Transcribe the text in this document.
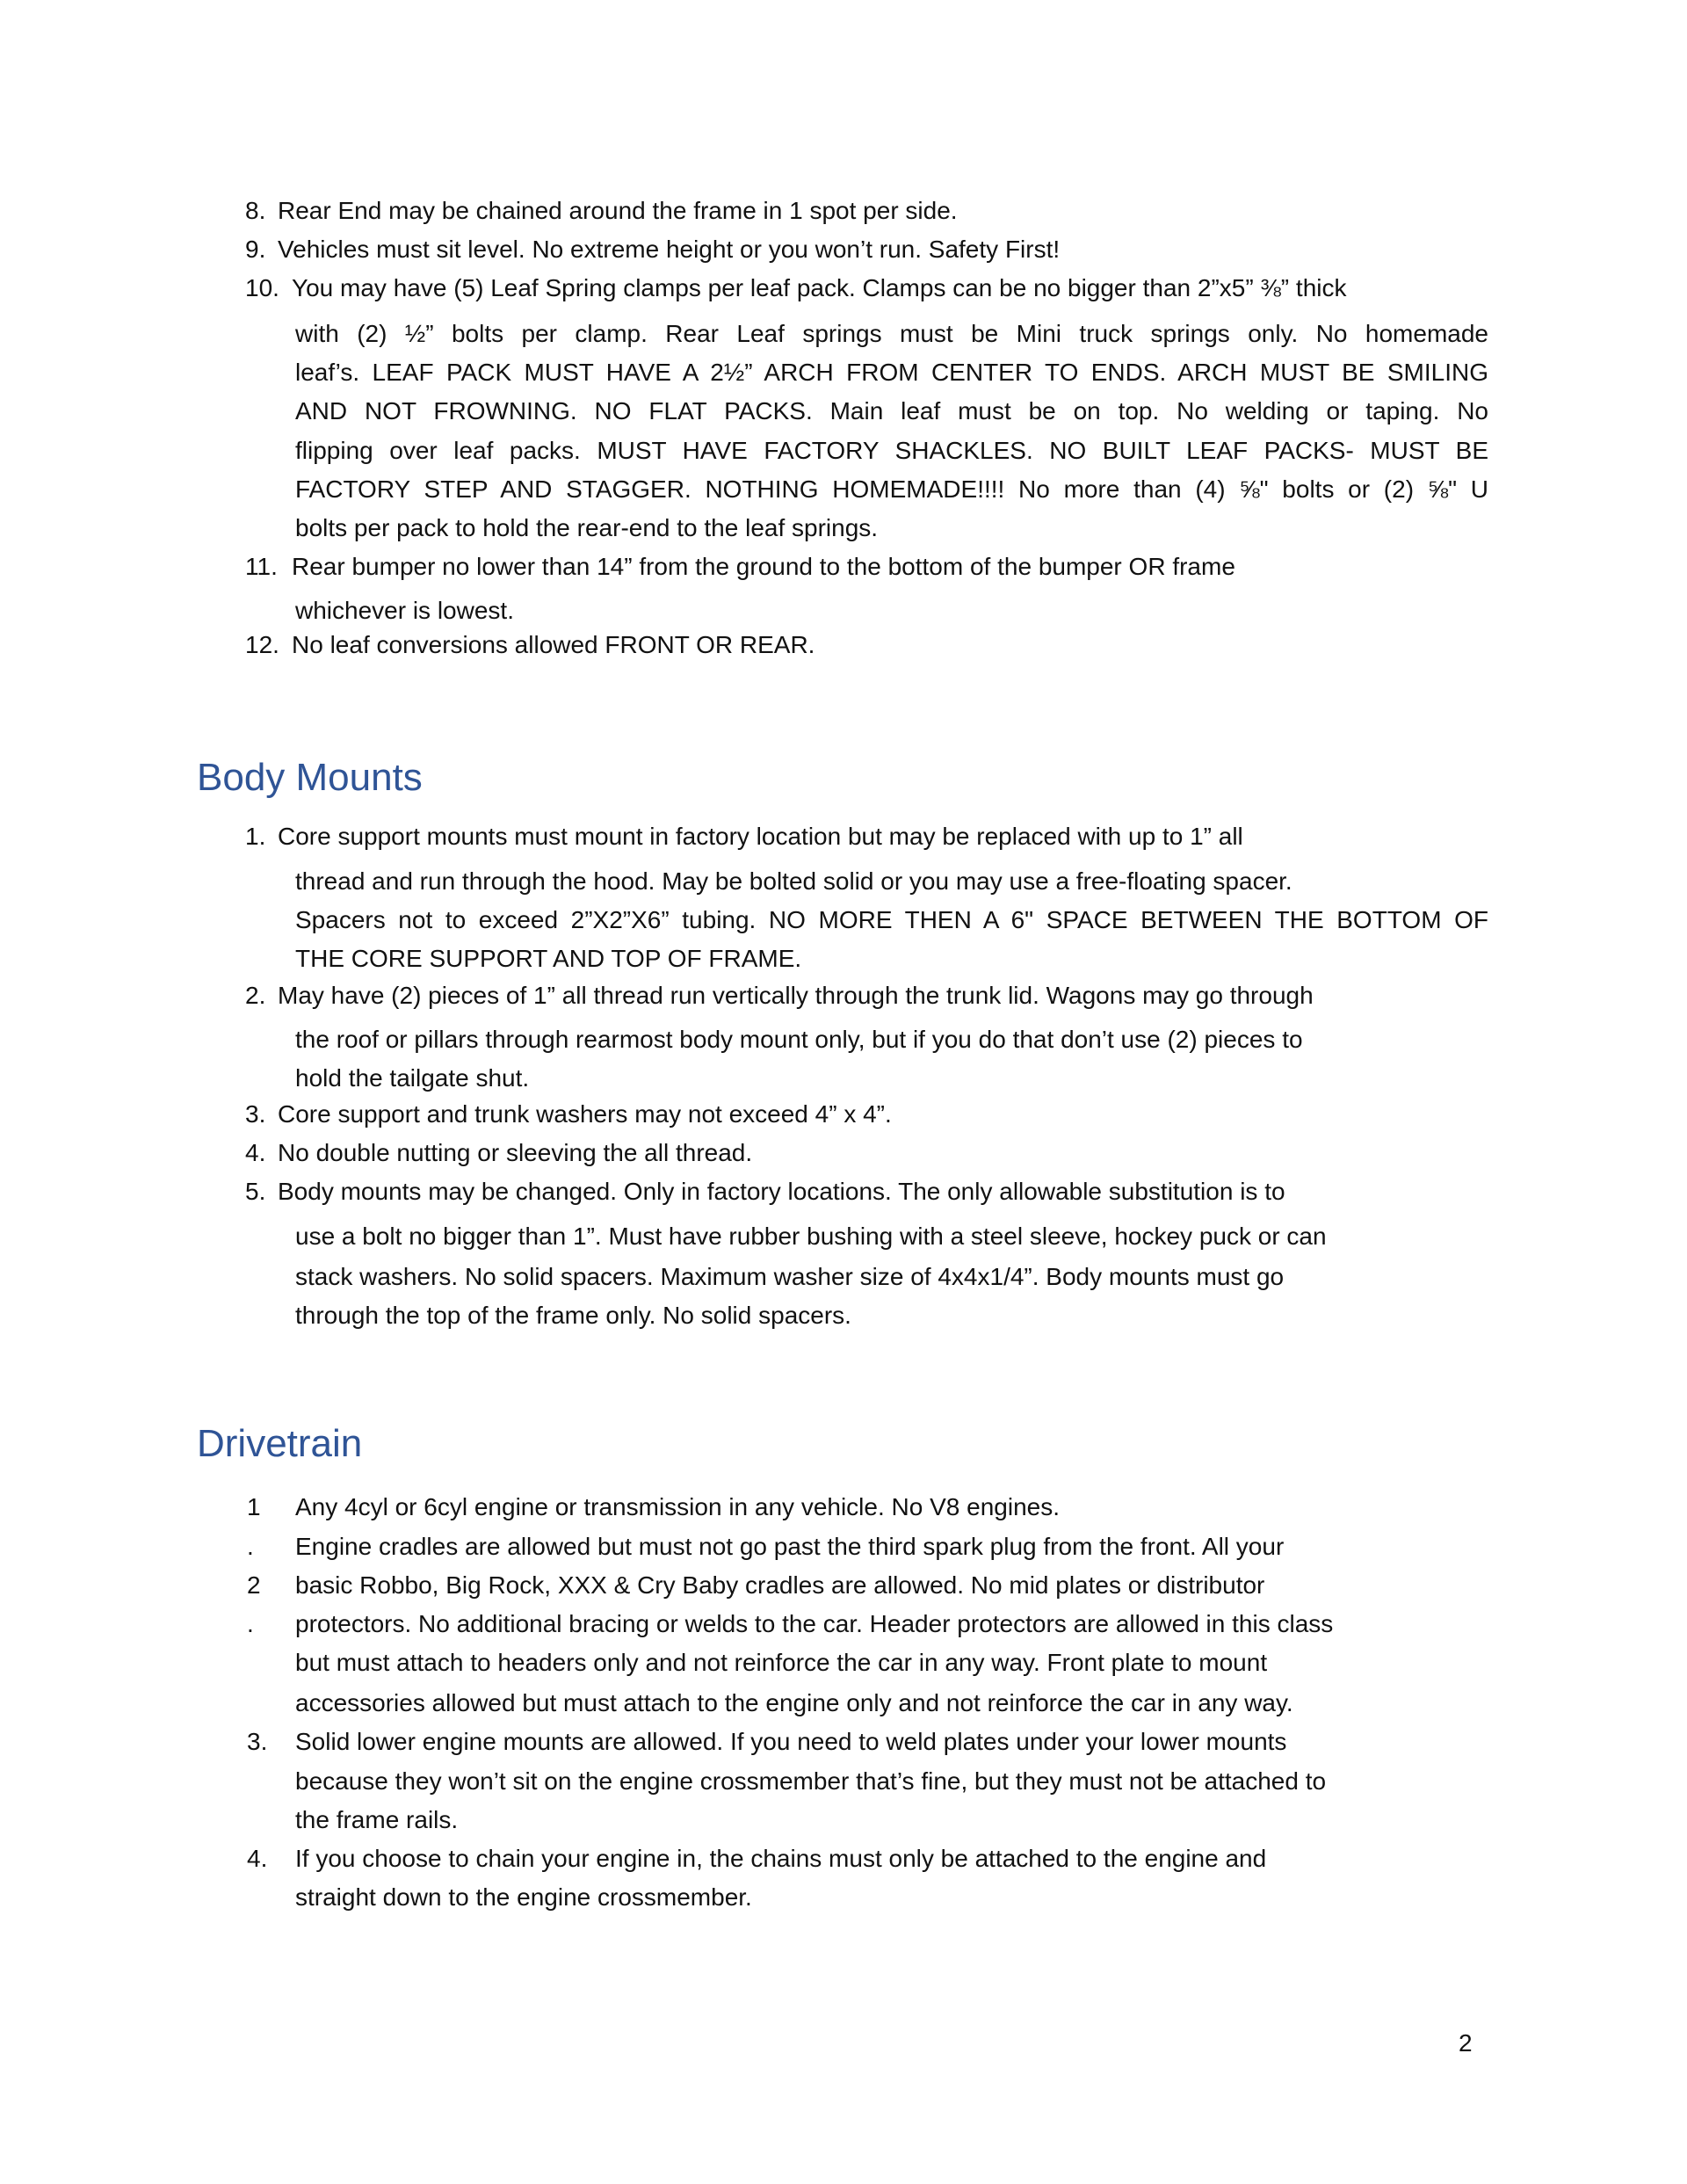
8. Rear End may be chained around the frame in 1 spot per side.
9. Vehicles must sit level. No extreme height or you won’t run. Safety First!
10. You may have (5) Leaf Spring clamps per leaf pack. Clamps can be no bigger than 2”x5” ⅜” thick
with (2) ½” bolts per clamp. Rear Leaf springs must be Mini truck springs only. No homemade
leaf’s. LEAF PACK MUST HAVE A 2½” ARCH FROM CENTER TO ENDS. ARCH MUST BE SMILING
AND NOT FROWNING. NO FLAT PACKS. Main leaf must be on top. No welding or taping. No
flipping over leaf packs. MUST HAVE FACTORY SHACKLES. NO BUILT LEAF PACKS- MUST BE
FACTORY STEP AND STAGGER. NOTHING HOMEMADE!!!! No more than (4) ⅝" bolts or (2) ⅝" U
bolts per pack to hold the rear-end to the leaf springs.
11. Rear bumper no lower than 14” from the ground to the bottom of the bumper OR frame
whichever is lowest.
12. No leaf conversions allowed FRONT OR REAR.
Body Mounts
1. Core support mounts must mount in factory location but may be replaced with up to 1” all
thread and run through the hood. May be bolted solid or you may use a free-floating spacer.
Spacers not to exceed 2”X2”X6” tubing. NO MORE THEN A 6" SPACE BETWEEN THE BOTTOM OF
THE CORE SUPPORT AND TOP OF FRAME.
2. May have (2) pieces of 1” all thread run vertically through the trunk lid. Wagons may go through
the roof or pillars through rearmost body mount only, but if you do that don’t use (2) pieces to
hold the tailgate shut.
3. Core support and trunk washers may not exceed 4” x 4”.
4. No double nutting or sleeving the all thread.
5. Body mounts may be changed. Only in factory locations. The only allowable substitution is to
use a bolt no bigger than 1”. Must have rubber bushing with a steel sleeve, hockey puck or can
stack washers. No solid spacers. Maximum washer size of 4x4x1/4”. Body mounts must go
through the top of the frame only. No solid spacers.
Drivetrain
1
.
2
.
3.
4.
Any 4cyl or 6cyl engine or transmission in any vehicle. No V8 engines.
Engine cradles are allowed but must not go past the third spark plug from the front. All your
basic Robbo, Big Rock, XXX & Cry Baby cradles are allowed. No mid plates or distributor
protectors. No additional bracing or welds to the car. Header protectors are allowed in this class
but must attach to headers only and not reinforce the car in any way. Front plate to mount
accessories allowed but must attach to the engine only and not reinforce the car in any way.
Solid lower engine mounts are allowed. If you need to weld plates under your lower mounts
because they won’t sit on the engine crossmember that’s fine, but they must not be attached to
the frame rails.
If you choose to chain your engine in, the chains must only be attached to the engine and
straight down to the engine crossmember.
2
